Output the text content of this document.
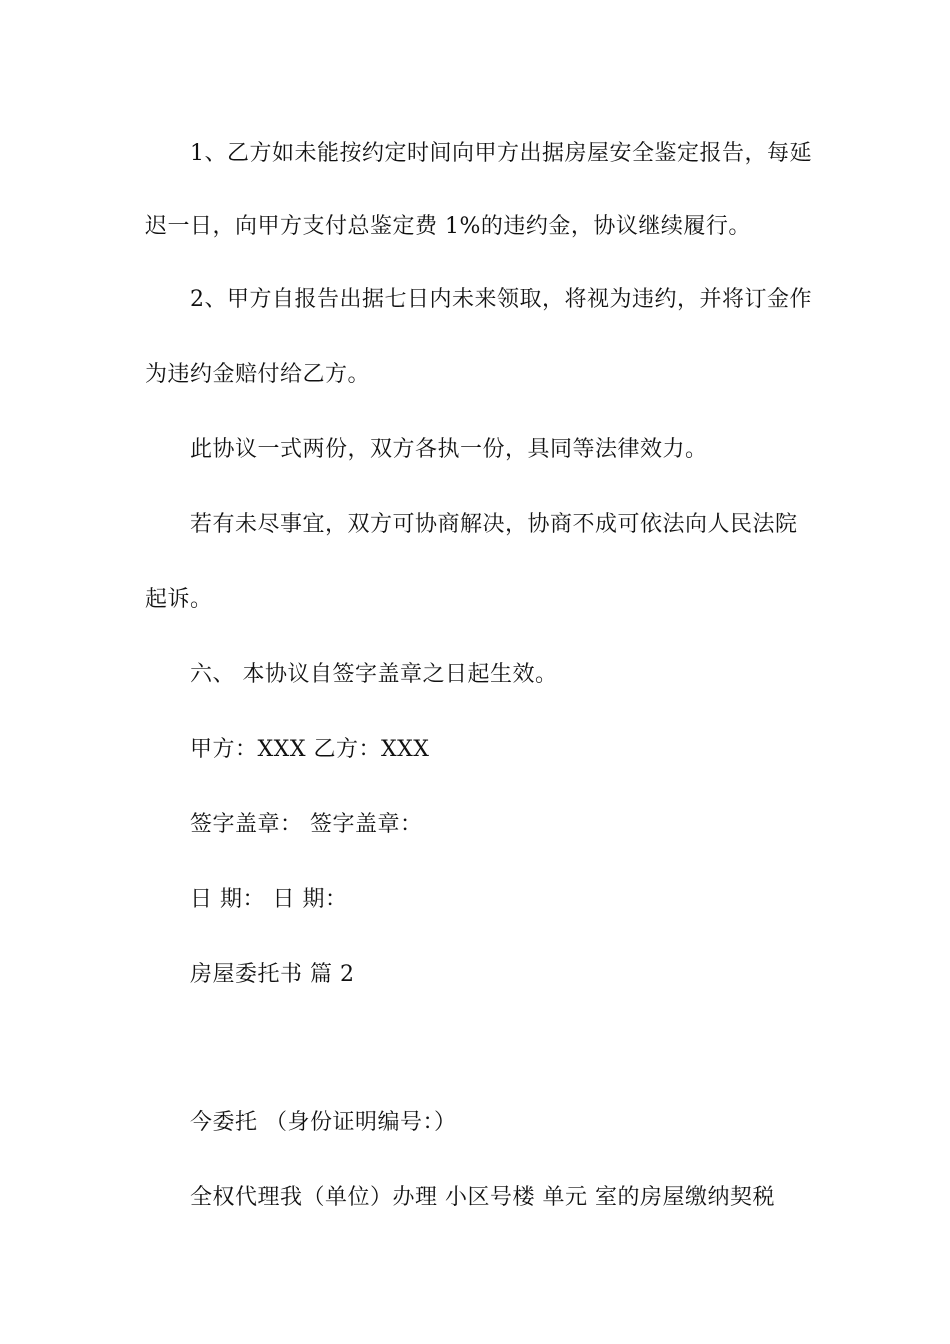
1、乙方如未能按约定时间向甲方出据房屋安全鉴定报告，每延
迟一日，向甲方支付总鉴定费 1%的违约金，协议继续履行。
2、甲方自报告出据七日内未来领取，将视为违约，并将订金作
为违约金赔付给乙方。
此协议一式两份，双方各执一份，具同等法律效力。
若有未尽事宜，双方可协商解决，协商不成可依法向人民法院
起诉。
六、 本协议自签字盖章之日起生效。
甲方：XXX 乙方：XXX
签字盖章： 签字盖章：
日 期： 日 期：
房屋委托书 篇 2
今委托 （身份证明编号：）
全权代理我（单位）办理 小区号楼 单元 室的房屋缴纳契税
